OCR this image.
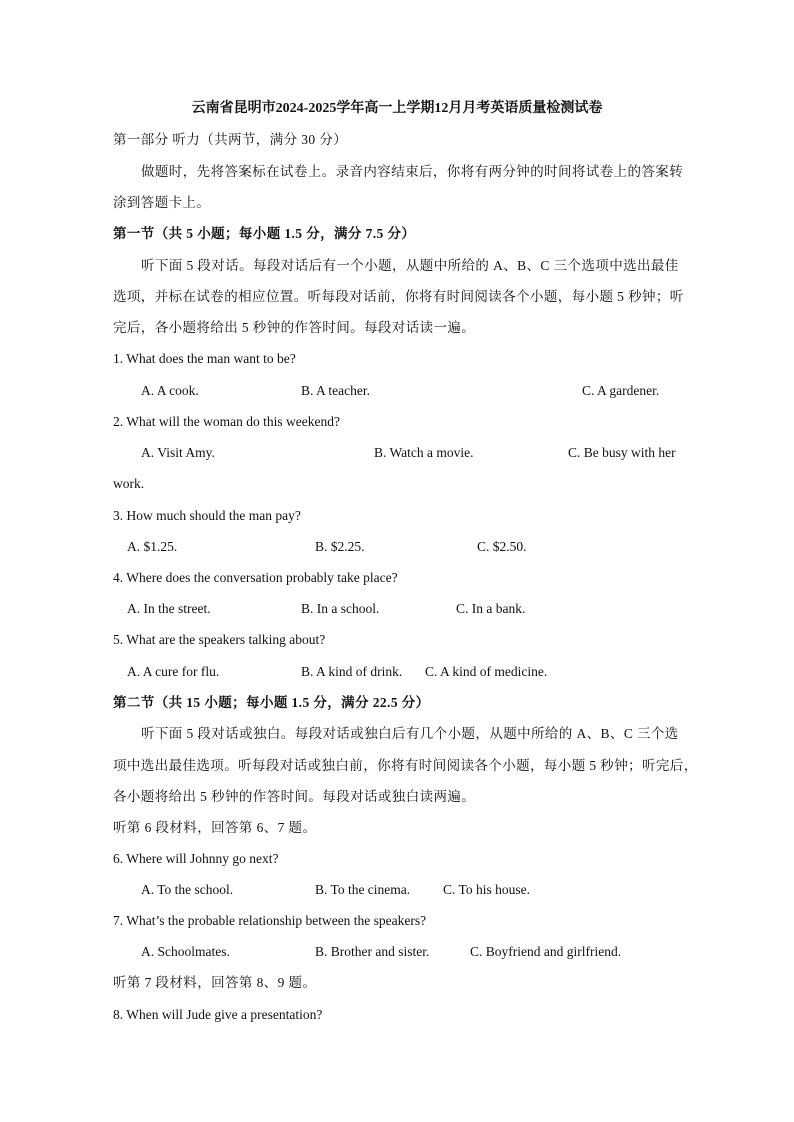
云南省昆明市2024-2025学年高一上学期12月月考英语质量检测试卷
第一部分 听力（共两节，满分 30 分）
做题时，先将答案标在试卷上。录音内容结束后，你将有两分钟的时间将试卷上的答案转
涂到答题卡上。
第一节（共 5 小题；每小题 1.5 分，满分 7.5 分）
听下面 5 段对话。每段对话后有一个小题，从题中所给的 A、B、C 三个选项中选出最佳
选项，并标在试卷的相应位置。听每段对话前，你将有时间阅读各个小题，每小题 5 秒钟；听
完后，各小题将给出 5 秒钟的作答时间。每段对话读一遍。
1. What does the man want to be?
A. A cook.	B. A teacher.	C. A gardener.
2. What will the woman do this weekend?
A. Visit Amy.	B. Watch a movie.	C. Be busy with her
work.
3. How much should the man pay?
A. $1.25.	B. $2.25.	C. $2.50.
4. Where does the conversation probably take place?
A. In the street.	B. In a school.	C. In a bank.
5. What are the speakers talking about?
A. A cure for flu.	B. A kind of drink. C. A kind of medicine.
第二节（共 15 小题；每小题 1.5 分，满分 22.5 分）
听下面 5 段对话或独白。每段对话或独白后有几个小题，从题中所给的 A、B、C 三个选
项中选出最佳选项。听每段对话或独白前，你将有时间阅读各个小题，每小题 5 秒钟；听完后，
各小题将给出 5 秒钟的作答时间。每段对话或独白读两遍。
听第 6 段材料，回答第 6、7 题。
6. Where will Johnny go next?
A. To the school.	B. To the cinema. C. To his house.
7. What’s the probable relationship between the speakers?
A. Schoolmates.	B. Brother and sister.	C. Boyfriend and girlfriend.
听第 7 段材料，回答第 8、9 题。
8. When will Jude give a presentation?
